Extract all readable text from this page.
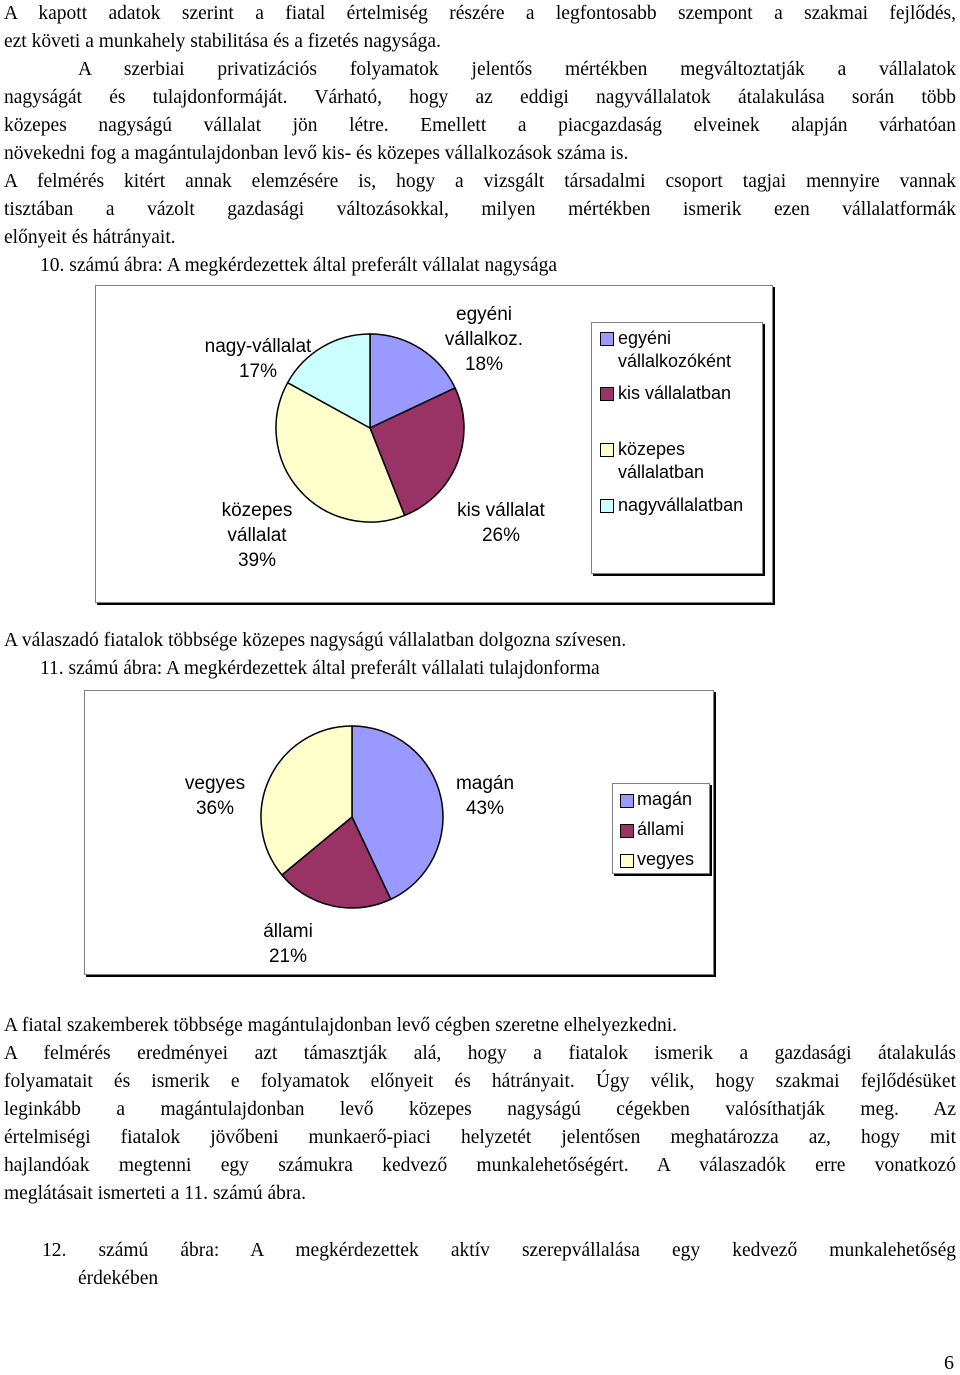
A kapott adatok szerint a fiatal értelmiség részére a legfontosabb szempont a szakmai fejlődés,
ezt követi a munkahely stabilitása és a fizetés nagysága.
A szerbiai privatizációs folyamatok jelentős mértékben megváltoztatják a vállalatok
nagyságát és tulajdonformáját. Várható, hogy az eddigi nagyvállalatok átalakulása során több
közepes nagyságú vállalat jön létre. Emellett a piacgazdaság elveinek alapján várhatóan
növekedni fog a magántulajdonban levő kis- és közepes vállalkozások száma is.
A felmérés kitért annak elemzésére is, hogy a vizsgált társadalmi csoport tagjai mennyire vannak
tisztában a vázolt gazdasági változásokkal, milyen mértékben ismerik ezen vállalatformák
előnyeit és hátrányait.
10. számú ábra: A megkérdezettek által preferált vállalat nagysága
egyéni
vállalkoz.
18%
nagy-vállalat
17%
közepes
vállalat
39%
kis vállalat
26%
egyéni
vállalkozóként
kis vállalatban
közepes
vállalatban
nagyvállalatban
A válaszadó fiatalok többsége közepes nagyságú vállalatban dolgozna szívesen.
11. számú ábra: A megkérdezettek által preferált vállalati tulajdonforma
vegyes
36%
magán
43%
állami
21%
magán
állami
vegyes
A fiatal szakemberek többsége magántulajdonban levő cégben szeretne elhelyezkedni.
A felmérés eredményei azt támasztják alá, hogy a fiatalok ismerik a gazdasági átalakulás
folyamatait és ismerik e folyamatok előnyeit és hátrányait. Úgy vélik, hogy szakmai fejlődésüket
leginkább a magántulajdonban levő közepes nagyságú cégekben valósíthatják meg. Az
értelmiségi fiatalok jövőbeni munkaerő-piaci helyzetét jelentősen meghatározza az, hogy mit
hajlandóak megtenni egy számukra kedvező munkalehetőségért. A válaszadók erre vonatkozó
meglátásait ismerteti a 11. számú ábra.
12. számú ábra: A megkérdezettek aktív szerepvállalása egy kedvező munkalehetőség
érdekében
6
